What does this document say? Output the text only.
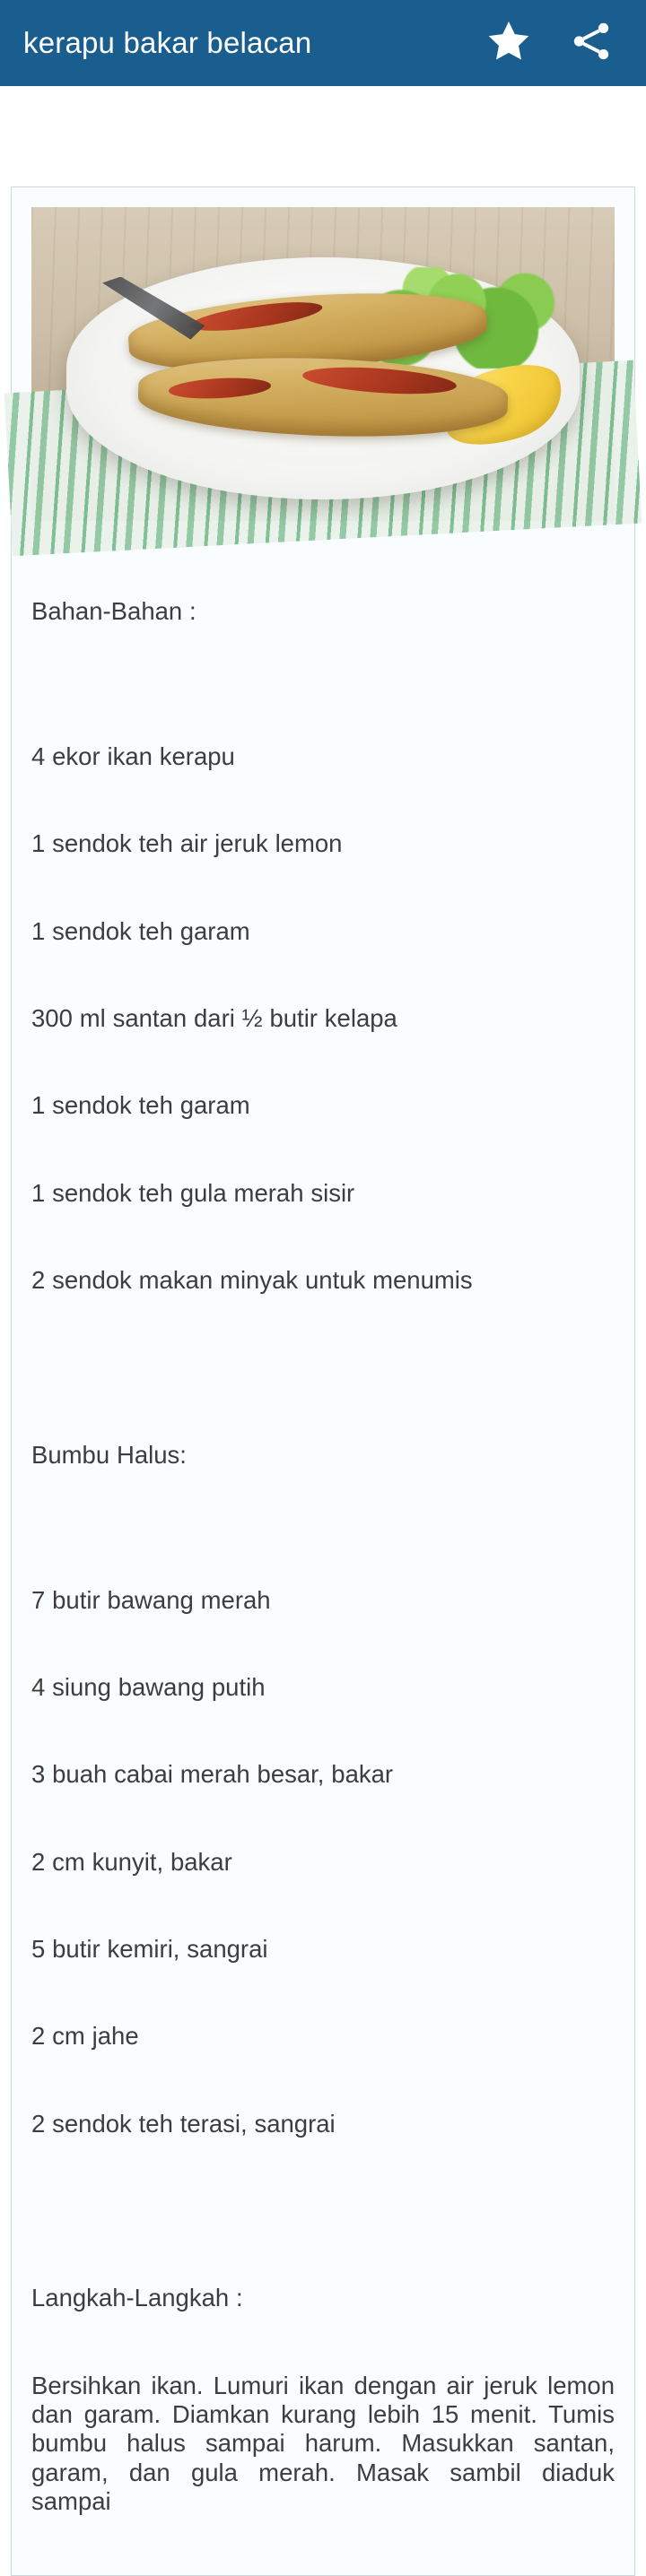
kerapu bakar belacan

Bahan-Bahan :

4 ekor ikan kerapu

1 sendok teh air jeruk lemon

1 sendok teh garam

300 ml santan dari ½ butir kelapa

1 sendok teh garam

1 sendok teh gula merah sisir

2 sendok makan minyak untuk menumis

Bumbu Halus:

7 butir bawang merah

4 siung bawang putih

3 buah cabai merah besar, bakar

2 cm kunyit, bakar

5 butir kemiri, sangrai

2 cm jahe

2 sendok teh terasi, sangrai

Langkah-Langkah :

Bersihkan ikan. Lumuri ikan dengan air jeruk lemon dan garam. Diamkan kurang lebih 15 menit. Tumis bumbu halus sampai harum. Masukkan santan, garam, dan gula merah. Masak sambil diaduk sampai
